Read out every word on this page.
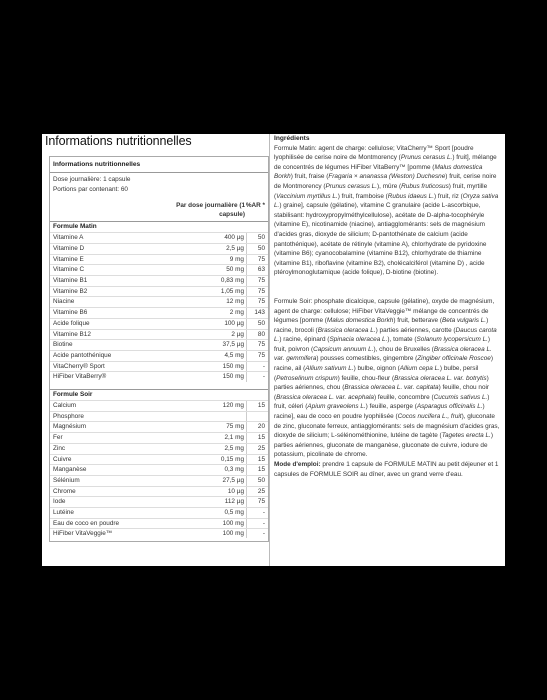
Informations nutritionnelles
Informations nutritionnelles
Dose journalière: 1 capsule
Portions par contenant: 60
Par dose journalière (1 capsule)
%AR *
Formule Matin
Vitamine A	400 µg	50
Vitamine D	2,5 µg	50
Vitamine E	9 mg	75
Vitamine C	50 mg	63
Vitamine B1	0,83 mg	75
Vitamine B2	1,05 mg	75
Niacine	12 mg	75
Vitamine B6	2 mg	143
Acide folique	100 µg	50
Vitamine B12	2 µg	80
Biotine	37,5 µg	75
Acide pantothénique	4,5 mg	75
VitaCherry® Sport	150 mg	-
HiFiber VitaBerry®	150 mg	-
Formule Soir
Calcium	120 mg	15
Phosphore
Magnésium	75 mg	20
Fer	2,1 mg	15
Zinc	2,5 mg	25
Cuivre	0,15 mg	15
Manganèse	0,3 mg	15
Sélénium	27,5 µg	50
Chrome	10 µg	25
Iode	112 µg	75
Lutéine	0,5 mg	-
Eau de coco en poudre	100 mg	-
HiFiber VitaVeggie™	100 mg	-

Ingrédients

Formule Matin: agent de charge: cellulose; VitaCherry™ Sport [poudre lyophilisée de cerise noire de Montmorency (Prunus cerasus L.) fruit], mélange de concentrés de légumes HiFiber VitaBerry™ [pomme (Malus domestica Borkh) fruit, fraise (Fragaria × ananassa (Weston) Duchesne) fruit, cerise noire de Montmorency (Prunus cerasus L.), mûre (Rubus fruticosus) fruit, myrtille (Vaccinium myrtillus L.) fruit, framboise (Rubus idaeus L.) fruit, riz (Oryza sativa L.) graine], capsule (gélatine), vitamine C granulaire (acide L-ascorbique, stabilisant: hydroxypropylméthylcellulose), acétate de D-alpha-tocophéryle (vitamine E), nicotinamide (niacine), antiagglomérants: sels de magnésium d'acides gras, dioxyde de silicium; D-pantothénate de calcium (acide pantothénique), acétate de rétinyle (vitamine A), chlorhydrate de pyridoxine (vitamine B6); cyanocobalamine (vitamine B12), chlorhydrate de thiamine (vitamine B1), riboflavine (vitamine B2), cholécalciférol (vitamine D) , acide ptéroylmonoglutamique (acide folique), D-biotine (biotine).

Formule Soir: phosphate dicalcique, capsule (gélatine), oxyde de magnésium, agent de charge: cellulose; HiFiber VitaVeggie™ mélange de concentrés de légumes [pomme (Malus domestica Borkh) fruit, betterave (Beta vulgaris L.) racine, brocoli (Brassica oleracea L.) parties aériennes, carotte (Daucus carota L.) racine, épinard (Spinacia oleracea L.), tomate (Solanum lycopersicum L.) fruit, poivron (Capsicum annuum L.), chou de Bruxelles (Brassica oleracea L. var. gemmifera) pousses comestibles, gingembre (Zingiber officinale Roscoe) racine, ail (Allium sativum L.) bulbe, oignon (Allium cepa L.) bulbe, persil (Petroselinum crispum) feuille, chou-fleur (Brassica oleracea L. var. botrytis) parties aériennes, chou (Brassica oleracea L. var. capitata) feuille, chou noir (Brassica oleracea L. var. acephala) feuille, concombre (Cucumis sativus L.) fruit, céleri (Apium graveolens L.) feuille, asperge (Asparagus officinalis L.) racine], eau de coco en poudre lyophilisée (Cocos nucifera L., fruit), gluconate de zinc, gluconate ferreux, antiagglomérants: sels de magnésium d'acides gras, dioxyde de silicium; L-sélénométhionine, lutéine de tagète (Tagetes erecta L.) parties aériennes, gluconate de manganèse, gluconate de cuivre, iodure de potassium, picolinate de chrome.

Mode d'emploi: prendre 1 capsule de FORMULE MATIN au petit déjeuner et 1 capsules de FORMULE SOIR au dîner, avec un grand verre d'eau.
